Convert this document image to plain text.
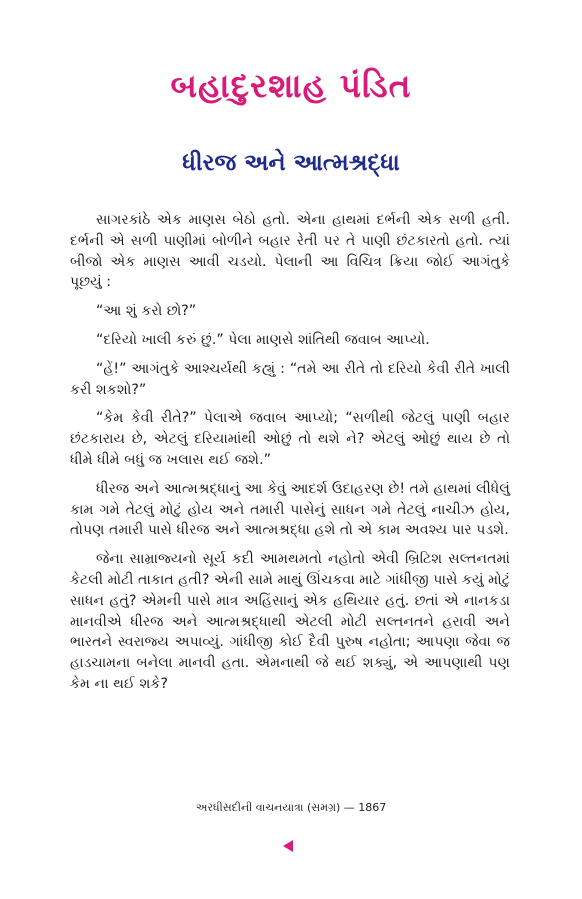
બહાદુરશાહ પંડિત
ધીરજ અને આત્મશ્રદ્ધા

સાગરકાંઠે એક માણસ બેઠો હતો. એના હાથમાં દર્ભની એક સળી હતી. દર્ભની એ સળી પાણીમાં બોળીને બહાર રેતી પર તે પાણી છંટકારતો હતો. ત્યાં બીજો એક માણસ આવી ચડયો. પેલાની આ વિચિત્ર ક્રિયા જોઈ આગંતુકે પૂછયું :

“આ શું કરો છો?”

“દરિયો ખાલી કરું છું.” પેલા માણસે શાંતિથી જવાબ આપ્યો.

“હેં!” આગંતુકે આશ્ચર્યથી કહ્યું : “તમે આ રીતે તો દરિયો કેવી રીતે ખાલી કરી શકશો?”

“કેમ કેવી રીતે?” પેલાએ જવાબ આપ્યો; “સળીથી જેટલું પાણી બહાર છંટકારાય છે, એટલું દરિયામાંથી ઓછું તો થશે ને? એટલું ઓછું થાય છે તો ધીમે ધીમે બધું જ ખલાસ થઈ જશે.”

ધીરજ અને આત્મશ્રદ્ધાનું આ કેવું આદર્શ ઉદાહરણ છે! તમે હાથમાં લીધેલું કામ ગમે તેટલું મોટું હોય અને તમારી પાસેનું સાધન ગમે તેટલું નાચીઝ હોય, તોપણ તમારી પાસે ધીરજ અને આત્મશ્રદ્ધા હશે તો એ કામ અવશ્ય પાર પડશે.

જેના સામ્રાજ્યનો સૂર્ય કદી આમથમતો નહોતો એવી બ્રિટિશ સલ્તનતમાં કેટલી મોટી તાકાત હતી? એની સામે માથું ઊંચકવા માટે ગાંધીજી પાસે કયું મોટું સાધન હતું? એમની પાસે માત્ર અહિંસાનું એક હથિયાર હતું. છતાં એ નાનકડા માનવીએ ધીરજ અને આત્મશ્રદ્ધાથી એટલી મોટી સલ્તનતને હરાવી અને ભારતને સ્વરાજ્ય અપાવ્યું. ગાંધીજી કોઈ દૈવી પુરુષ નહોતા; આપણા જેવા જ હાડચામના બનેલા માનવી હતા. એમનાથી જે થઈ શક્યું, એ આપણાથી પણ કેમ ના થઈ શકે?

અરધીસદીની વાચનયાત્રા (સમગ્ર) — 1867
